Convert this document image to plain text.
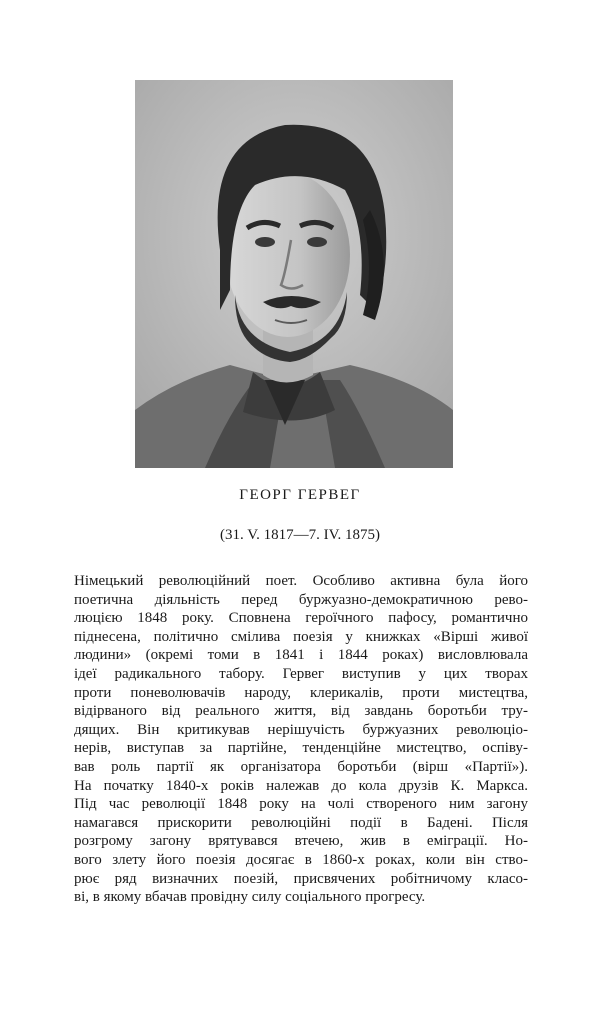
ГЕОРГ ГЕРВЕГ
(31. V. 1817—7. IV. 1875)

Німецький революційний поет. Особливо активна була його
поетична діяльність перед буржуазно-демократичною рево-
люцією 1848 року. Сповнена героїчного пафосу, романтично
піднесена, політично смілива поезія у книжках «Вірші живої
людини» (окремі томи в 1841 і 1844 роках) висловлювала
ідеї радикального табору. Гервег виступив у цих творах
проти поневолювачів народу, клерикалів, проти мистецтва,
відірваного від реального життя, від завдань боротьби тру-
дящих. Він критикував нерішучість буржуазних революціо-
нерів, виступав за партійне, тенденційне мистецтво, оспіву-
вав роль партії як організатора боротьби (вірш «Партії»).
На початку 1840-х років належав до кола друзів К. Маркса.
Під час революції 1848 року на чолі створеного ним загону
намагався прискорити революційні події в Бадені. Після
розгрому загону врятувався втечею, жив в еміграції. Но-
вого злету його поезія досягає в 1860-х роках, коли він ство-
рює ряд визначних поезій, присвячених робітничому класо-
ві, в якому вбачав провідну силу соціального прогресу.
